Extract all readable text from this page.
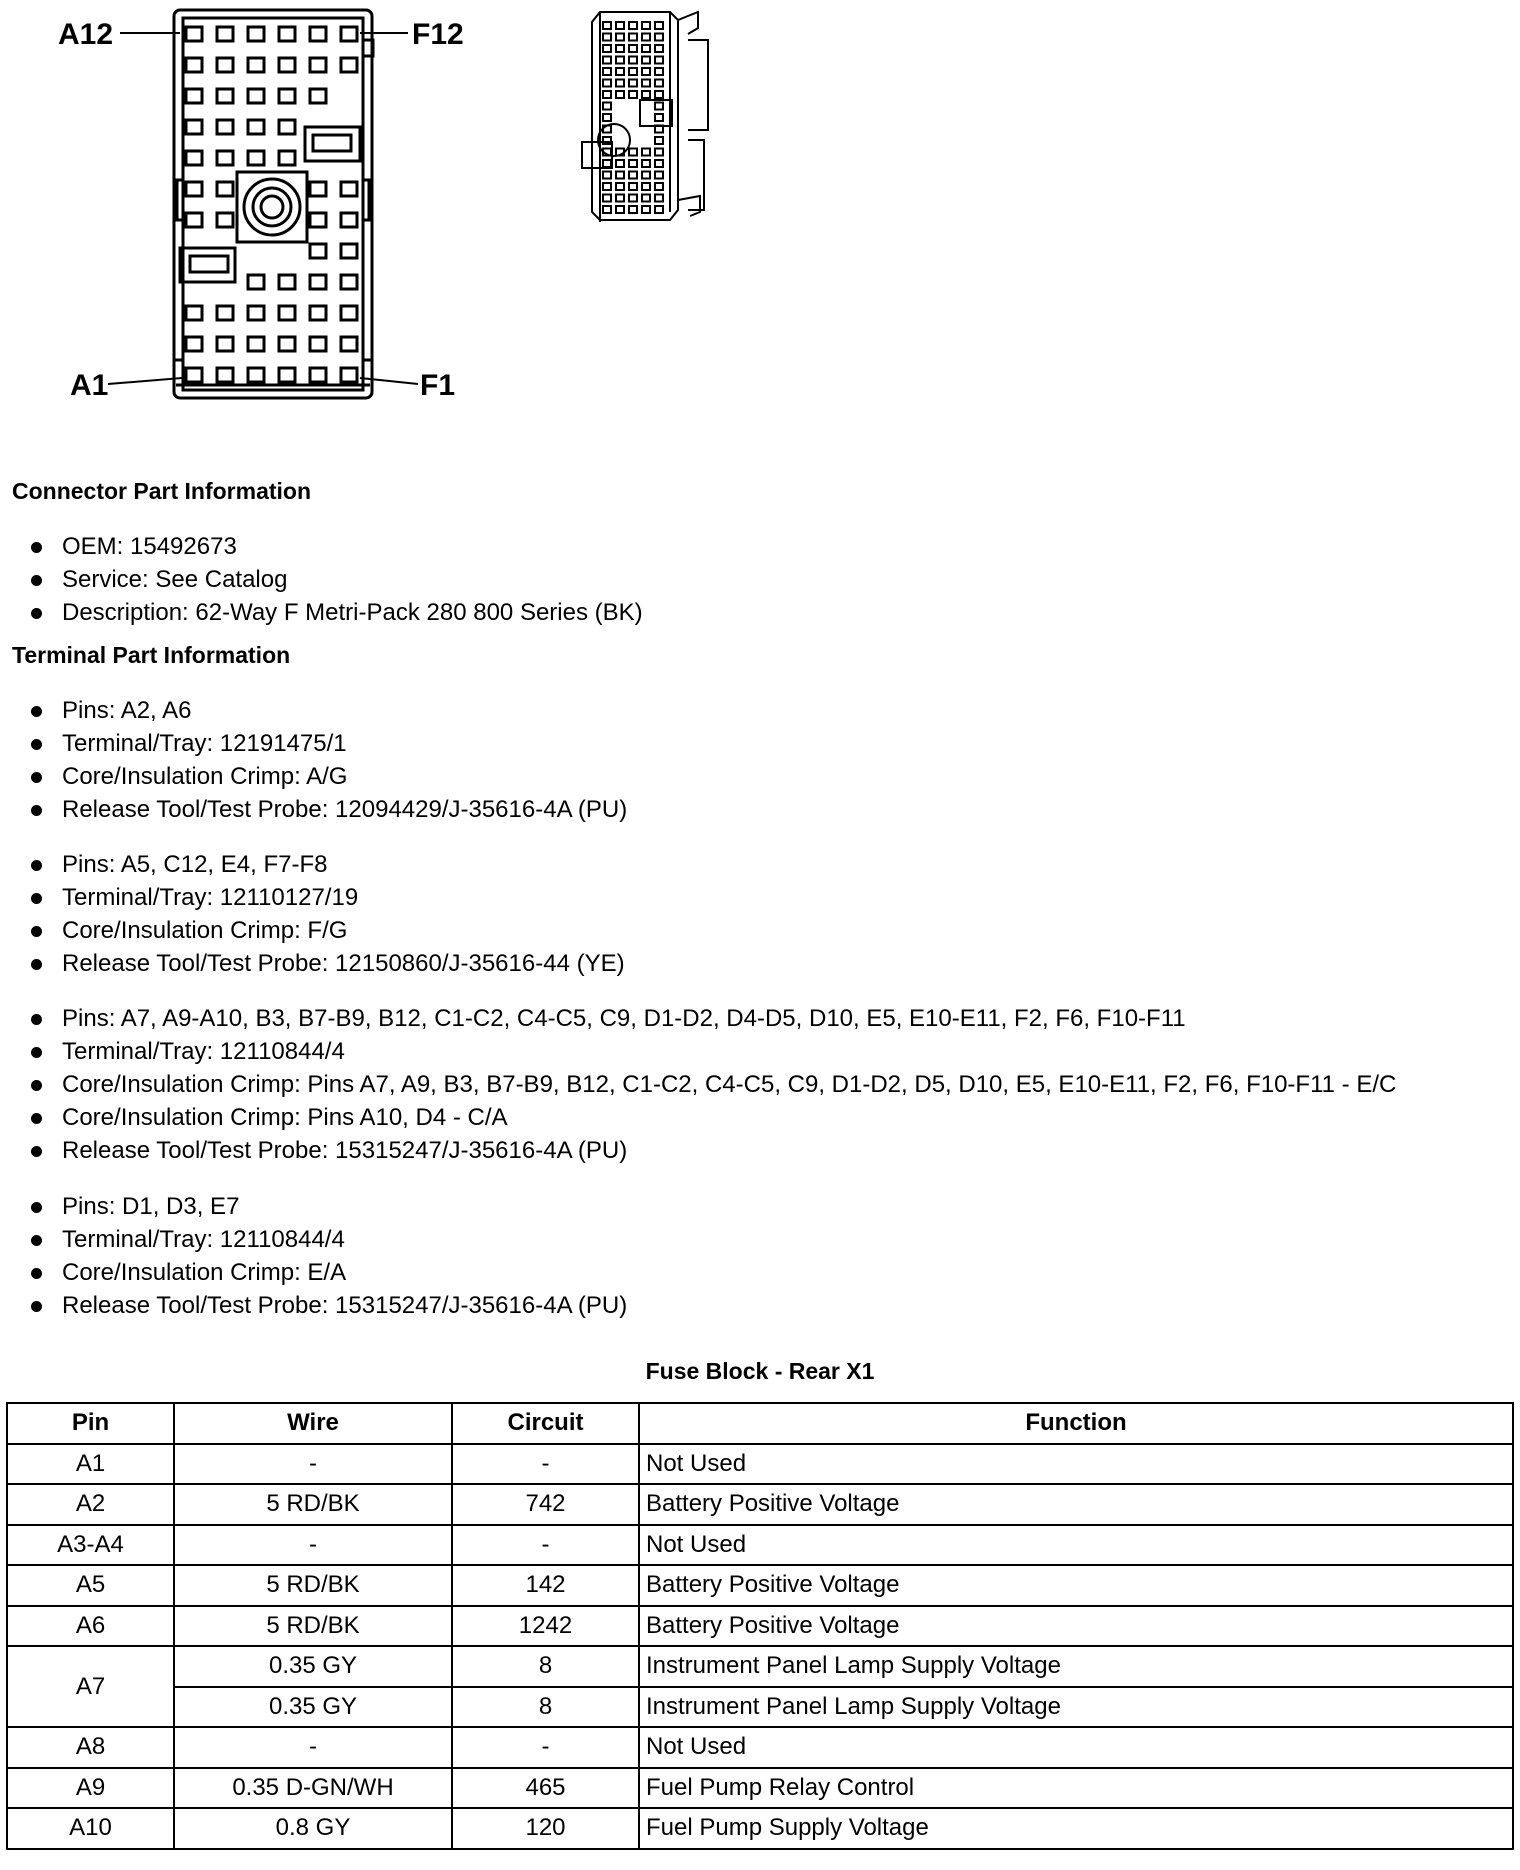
A12	F12
A1	F1
Connector Part Information
OEM: 15492673
Service: See Catalog
Description: 62-Way F Metri-Pack 280 800 Series (BK)
Terminal Part Information
Pins: A2, A6
Terminal/Tray: 12191475/1
Core/Insulation Crimp: A/G
Release Tool/Test Probe: 12094429/J-35616-4A (PU)
Pins: A5, C12, E4, F7-F8
Terminal/Tray: 12110127/19
Core/Insulation Crimp: F/G
Release Tool/Test Probe: 12150860/J-35616-44 (YE)
Pins: A7, A9-A10, B3, B7-B9, B12, C1-C2, C4-C5, C9, D1-D2, D4-D5, D10, E5, E10-E11, F2, F6, F10-F11
Terminal/Tray: 12110844/4
Core/Insulation Crimp: Pins A7, A9, B3, B7-B9, B12, C1-C2, C4-C5, C9, D1-D2, D5, D10, E5, E10-E11, F2, F6, F10-F11 - E/C
Core/Insulation Crimp: Pins A10, D4 - C/A
Release Tool/Test Probe: 15315247/J-35616-4A (PU)
Pins: D1, D3, E7
Terminal/Tray: 12110844/4
Core/Insulation Crimp: E/A
Release Tool/Test Probe: 15315247/J-35616-4A (PU)
Fuse Block - Rear X1
Pin	Wire	Circuit	Function
A1	-	-	Not Used
A2	5 RD/BK	742	Battery Positive Voltage
A3-A4	-	-	Not Used
A5	5 RD/BK	142	Battery Positive Voltage
A6	5 RD/BK	1242	Battery Positive Voltage
A7	0.35 GY	8	Instrument Panel Lamp Supply Voltage
	0.35 GY	8	Instrument Panel Lamp Supply Voltage
A8	-	-	Not Used
A9	0.35 D-GN/WH	465	Fuel Pump Relay Control
A10	0.8 GY	120	Fuel Pump Supply Voltage
